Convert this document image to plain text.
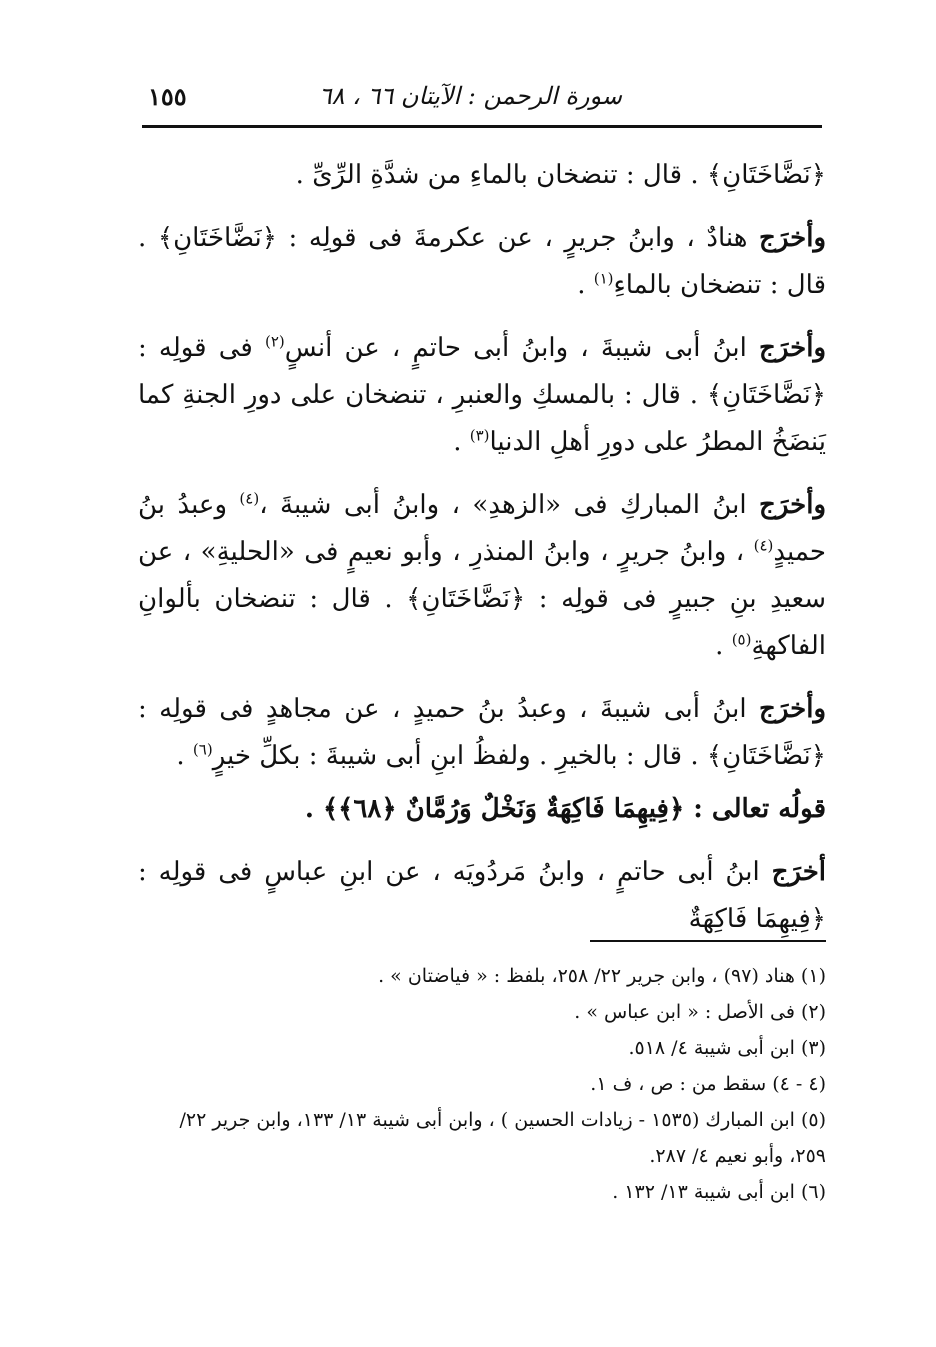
سورة الرحمن : الآيتان ٦٦ ، ٦٨
١٥٥

﴿نَضَّاخَتَانِ﴾ . قال : تنضخان بالماءِ من شدَّةِ الرِّىِّ .

وأخرَج هنادٌ ، وابنُ جريرٍ ، عن عكرمةَ فى قولِه : ﴿نَضَّاخَتَانِ﴾ . قال : تنضخان بالماءِ$^{(١)}$ .

وأخرَج ابنُ أبى شيبةَ ، وابنُ أبى حاتمٍ ، عن أنسٍ$^{(٢)}$ فى قولِه : ﴿نَضَّاخَتَانِ﴾ . قال : بالمسكِ والعنبرِ ، تنضخان على دورِ الجنةِ كما يَنضَخُ المطرُ على دورِ أهلِ الدنيا$^{(٣)}$ .

وأخرَج ابنُ المباركِ فى «الزهدِ» ، وابنُ أبى شيبةَ ،$^{(٤)}$ وعبدُ بنُ حميدٍ$^{(٤)}$ ، وابنُ جريرٍ ، وابنُ المنذرِ ، وأبو نعيمٍ فى «الحليةِ» ، عن سعيدِ بنِ جبيرٍ فى قولِه : ﴿نَضَّاخَتَانِ﴾ . قال : تنضخان بألوانِ الفاكهةِ$^{(٥)}$ .

وأخرَج ابنُ أبى شيبةَ ، وعبدُ بنُ حميدٍ ، عن مجاهدٍ فى قولِه : ﴿نَضَّاخَتَانِ﴾ . قال : بالخيرِ . ولفظُ ابنِ أبى شيبةَ : بكلِّ خيرٍ$^{(٦)}$ .

قولُه تعالى : ﴿فِيهِمَا فَاكِهَةٌ وَنَخْلٌ وَرُمَّانٌ ﴿٦٨﴾﴾ .

أخرَج ابنُ أبى حاتمٍ ، وابنُ مَردُويَه ، عن ابنِ عباسٍ فى قولِه : ﴿فِيهِمَا فَاكِهَةٌ

(١) هناد (٩٧) ، وابن جرير ٢٢/ ٢٥٨، بلفظ : « فياضتان » .

(٢) فى الأصل : « ابن عباس » .

(٣) ابن أبى شيبة ٤/ ٥١٨.

(٤ - ٤) سقط من : ص ، ف ١.

(٥) ابن المبارك (١٥٣٥ - زيادات الحسين ) ، وابن أبى شيبة ١٣/ ١٣٣، وابن جرير ٢٢/ ٢٥٩، وأبو نعيم ٤/ ٢٨٧.

(٦) ابن أبى شيبة ١٣/ ١٣٢ .
